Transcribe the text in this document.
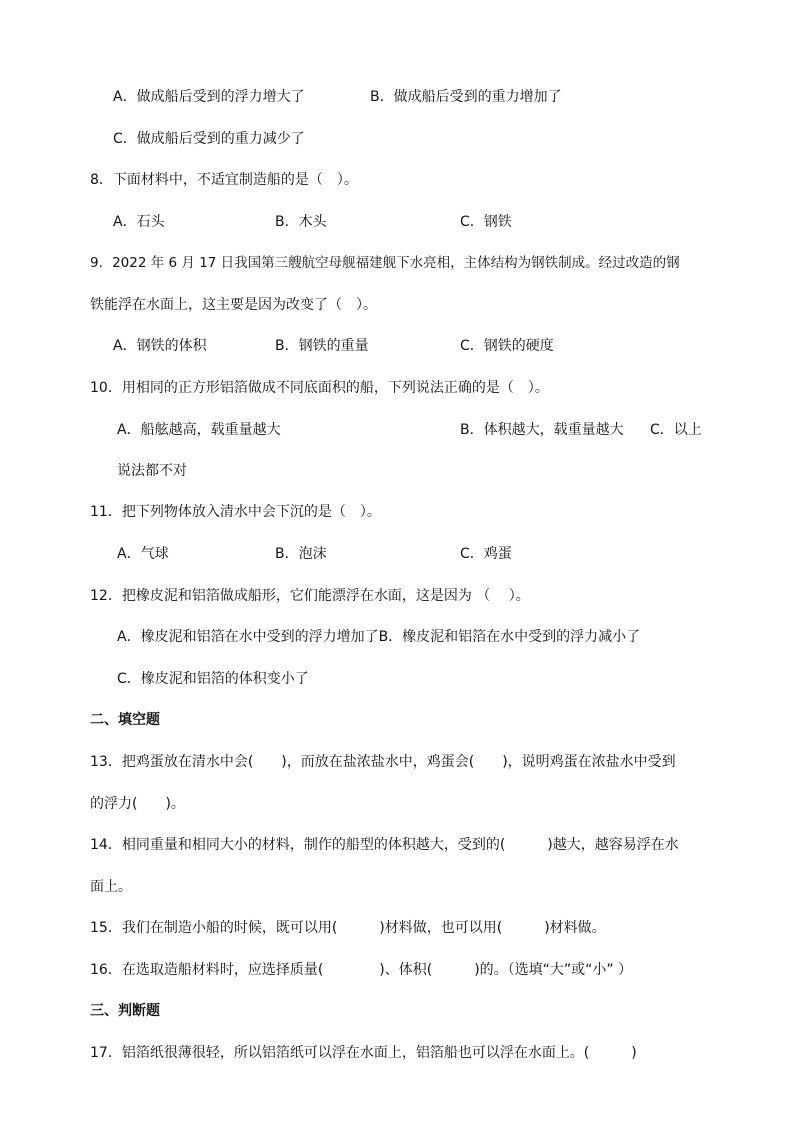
A．做成船后受到的浮力增大了	B．做成船后受到的重力增加了
C．做成船后受到的重力减少了
8．下面材料中，不适宜制造船的是（　）。
A．石头	B．木头	C．钢铁
9．2022 年 6 月 17 日我国第三艘航空母舰福建舰下水亮相，主体结构为钢铁制成。经过改造的钢
铁能浮在水面上，这主要是因为改变了（　）。
A．钢铁的体积	B．钢铁的重量	C．钢铁的硬度
10．用相同的正方形铝箔做成不同底面积的船，下列说法正确的是（　）。
A．船舷越高，载重量越大	B．体积越大，载重量越大 C．以上
说法都不对
11．把下列物体放入清水中会下沉的是（　）。
A．气球	B．泡沫	C．鸡蛋
12．把橡皮泥和铝箔做成船形，它们能漂浮在水面，这是因为 （　 ）。
A．橡皮泥和铝箔在水中受到的浮力增加了B．橡皮泥和铝箔在水中受到的浮力减小了
C．橡皮泥和铝箔的体积变小了
二、填空题
13．把鸡蛋放在清水中会(　　)，而放在盐浓盐水中，鸡蛋会(　　)，说明鸡蛋在浓盐水中受到
的浮力(　　)。
14．相同重量和相同大小的材料，制作的船型的体积越大，受到的(　　　)越大，越容易浮在水
面上。
15．我们在制造小船的时候，既可以用(　　　)材料做，也可以用(　　　)材料做。
16．在选取造船材料时，应选择质量(　　　　)、体积(　　　)的。（选填“大”或“小” ）
三、判断题
17．铝箔纸很薄很轻，所以铝箔纸可以浮在水面上，铝箔船也可以浮在水面上。(　　　)
